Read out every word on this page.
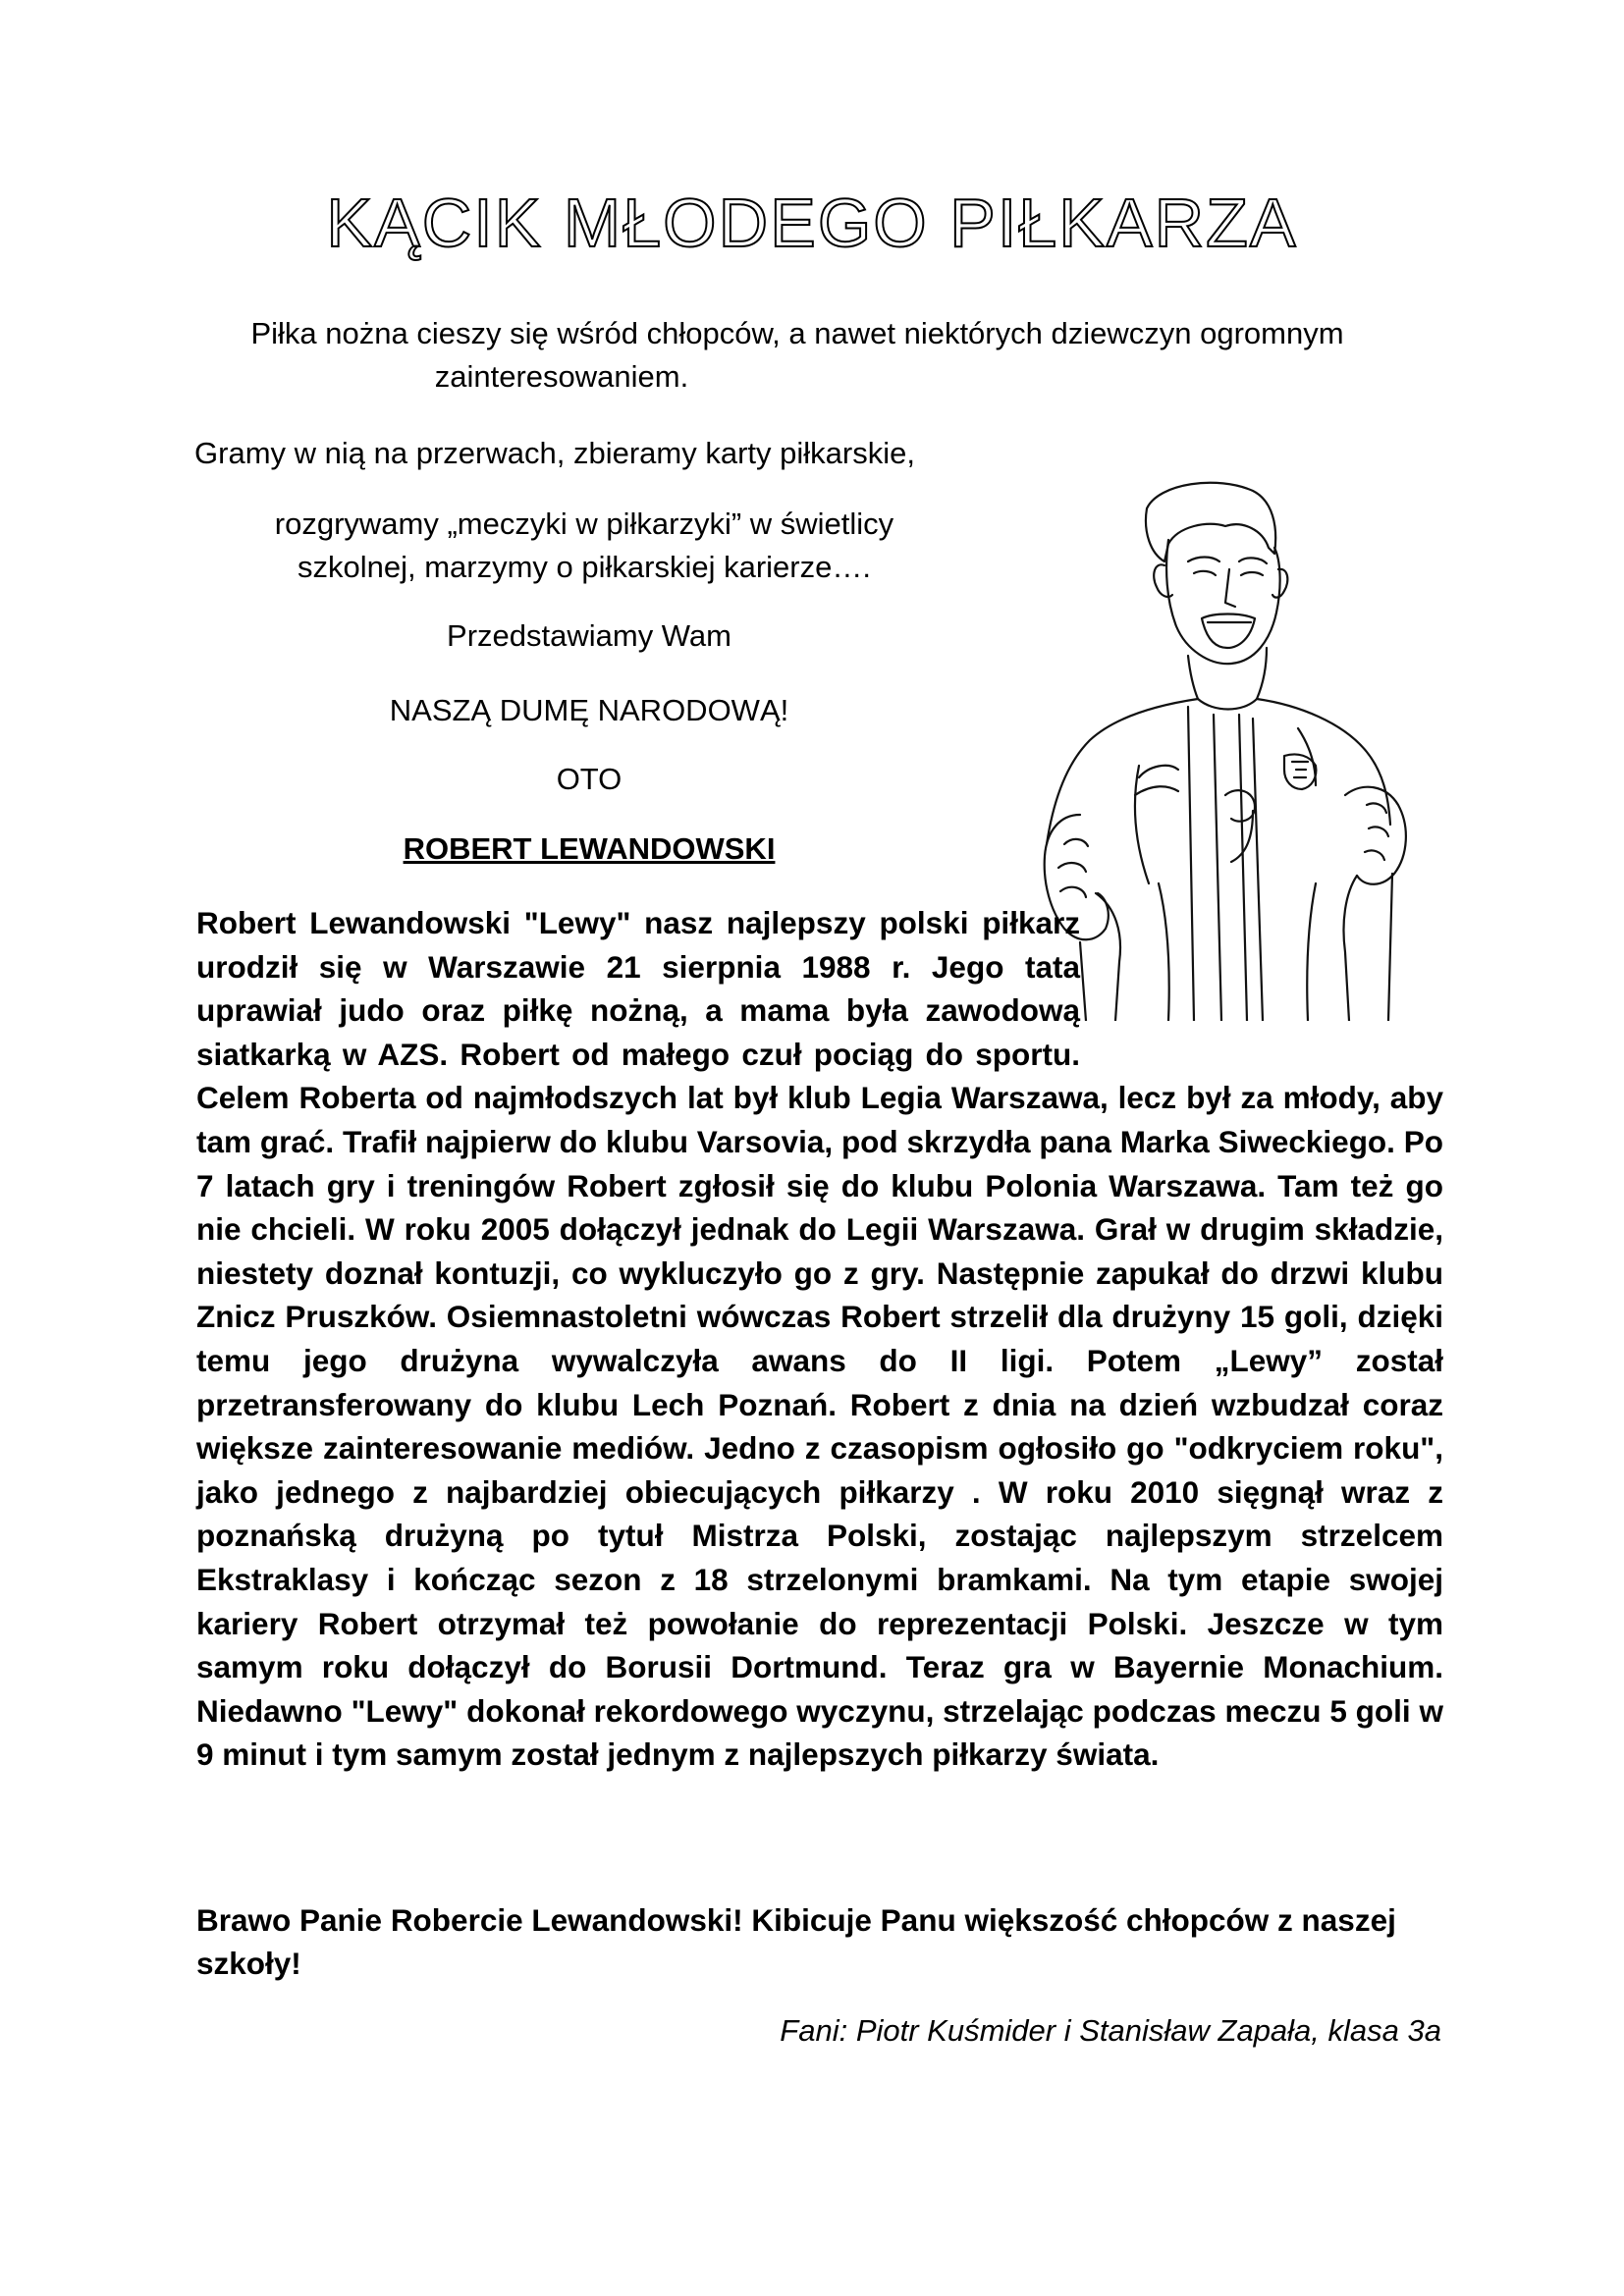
KĄCIK MŁODEGO PIŁKARZA
Piłka nożna cieszy się wśród chłopców, a nawet niektórych dziewczyn ogromnym
zainteresowaniem.
Gramy w nią na przerwach, zbieramy karty piłkarskie,
rozgrywamy „meczyki w piłkarzyki” w świetlicy
szkolnej, marzymy o piłkarskiej karierze….
Przedstawiamy Wam
NASZĄ DUMĘ NARODOWĄ!
OTO
ROBERT LEWANDOWSKI

Robert Lewandowski "Lewy" nasz najlepszy polski piłkarz urodził się w Warszawie 21 sierpnia 1988 r. Jego tata uprawiał judo oraz piłkę nożną, a mama była zawodową siatkarką w AZS. Robert od małego czuł pociąg do sportu. Celem Roberta od najmłodszych lat był klub Legia Warszawa, lecz był za młody, aby tam grać. Trafił najpierw do klubu Varsovia, pod skrzydła pana Marka Siweckiego. Po 7 latach gry i treningów Robert zgłosił się do klubu Polonia Warszawa. Tam też go nie chcieli. W roku 2005 dołączył jednak do Legii Warszawa. Grał w drugim składzie, niestety doznał kontuzji, co wykluczyło go z gry. Następnie zapukał do drzwi klubu Znicz Pruszków. Osiemnastoletni wówczas Robert strzelił dla drużyny 15 goli, dzięki temu jego drużyna wywalczyła awans do II ligi. Potem „Lewy” został przetransferowany do klubu Lech Poznań. Robert z dnia na dzień wzbudzał coraz większe zainteresowanie mediów. Jedno z czasopism ogłosiło go "odkryciem roku", jako jednego z najbardziej obiecujących piłkarzy . W roku 2010 sięgnął wraz z poznańską drużyną po tytuł Mistrza Polski, zostając najlepszym strzelcem Ekstraklasy i kończąc sezon z 18 strzelonymi bramkami. Na tym etapie swojej kariery Robert otrzymał też powołanie do reprezentacji Polski. Jeszcze w tym samym roku dołączył do Borusii Dortmund. Teraz gra w Bayernie Monachium. Niedawno "Lewy" dokonał rekordowego wyczynu, strzelając podczas meczu 5 goli w 9 minut i tym samym został jednym z najlepszych piłkarzy świata.

Brawo Panie Robercie Lewandowski! Kibicuje Panu większość chłopców z naszej szkoły!

Fani: Piotr Kuśmider i Stanisław Zapała, klasa 3a
